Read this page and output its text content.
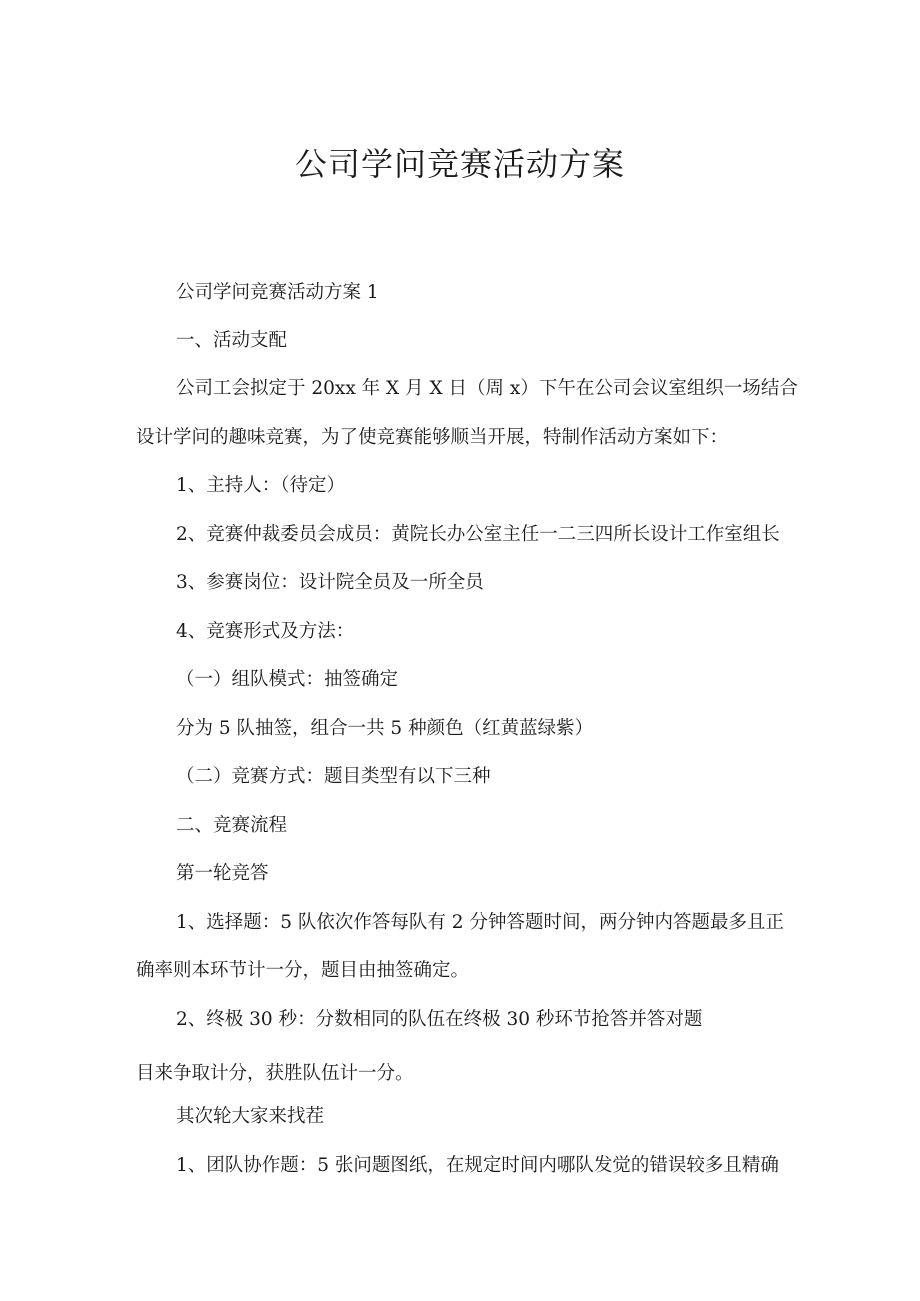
公司学问竞赛活动方案

公司学问竞赛活动方案 1

一、活动支配

公司工会拟定于 20xx 年 X 月 X 日（周 x）下午在公司会议室组织一场结合

设计学问的趣味竞赛，为了使竞赛能够顺当开展，特制作活动方案如下：

1、主持人：（待定）

2、竞赛仲裁委员会成员：黄院长办公室主任一二三四所长设计工作室组长

3、参赛岗位：设计院全员及一所全员

4、竞赛形式及方法：

（一）组队模式：抽签确定

分为 5 队抽签，组合一共 5 种颜色（红黄蓝绿紫）

（二）竞赛方式：题目类型有以下三种

二、竞赛流程

第一轮竞答

1、选择题：5 队依次作答每队有 2 分钟答题时间，两分钟内答题最多且正

确率则本环节计一分，题目由抽签确定。

2、终极 30 秒：分数相同的队伍在终极 30 秒环节抢答并答对题

目来争取计分，获胜队伍计一分。

其次轮大家来找茬

1、团队协作题：5 张问题图纸，在规定时间内哪队发觉的错误较多且精确
